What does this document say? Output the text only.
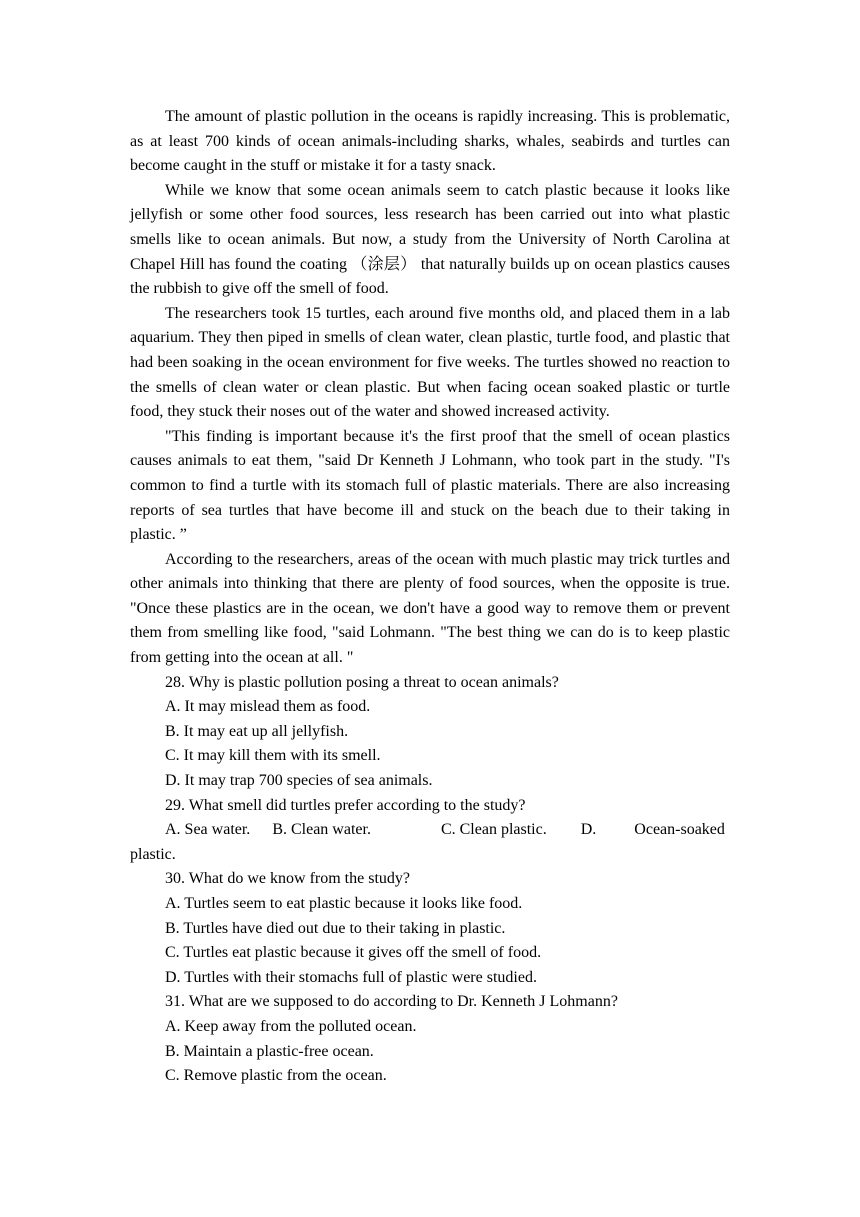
The amount of plastic pollution in the oceans is rapidly increasing. This is problematic, as at least 700 kinds of ocean animals-including sharks, whales, seabirds and turtles can become caught in the stuff or mistake it for a tasty snack.

While we know that some ocean animals seem to catch plastic because it looks like jellyfish or some other food sources, less research has been carried out into what plastic smells like to ocean animals. But now, a study from the University of North Carolina at Chapel Hill has found the coating （涂层） that naturally builds up on ocean plastics causes the rubbish to give off the smell of food.

The researchers took 15 turtles, each around five months old, and placed them in a lab aquarium. They then piped in smells of clean water, clean plastic, turtle food, and plastic that had been soaking in the ocean environment for five weeks. The turtles showed no reaction to the smells of clean water or clean plastic. But when facing ocean soaked plastic or turtle food, they stuck their noses out of the water and showed increased activity.

"This finding is important because it's the first proof that the smell of ocean plastics causes animals to eat them, "said Dr Kenneth J Lohmann, who took part in the study. "I's common to find a turtle with its stomach full of plastic materials. There are also increasing reports of sea turtles that have become ill and stuck on the beach due to their taking in plastic. ”

According to the researchers, areas of the ocean with much plastic may trick turtles and other animals into thinking that there are plenty of food sources, when the opposite is true. "Once these plastics are in the ocean, we don't have a good way to remove them or prevent them from smelling like food, "said Lohmann. "The best thing we can do is to keep plastic from getting into the ocean at all. "

28. Why is plastic pollution posing a threat to ocean animals?

A. It may mislead them as food.

B. It may eat up all jellyfish.

C. It may kill them with its smell.

D. It may trap 700 species of sea animals.

29. What smell did turtles prefer according to the study?

A. Sea water. B. Clean water.	C. Clean plastic. D. Ocean-soaked

plastic.

30. What do we know from the study?

A. Turtles seem to eat plastic because it looks like food.

B. Turtles have died out due to their taking in plastic.

C. Turtles eat plastic because it gives off the smell of food.

D. Turtles with their stomachs full of plastic were studied.

31. What are we supposed to do according to Dr. Kenneth J Lohmann?

A. Keep away from the polluted ocean.

B. Maintain a plastic-free ocean.

C. Remove plastic from the ocean.
